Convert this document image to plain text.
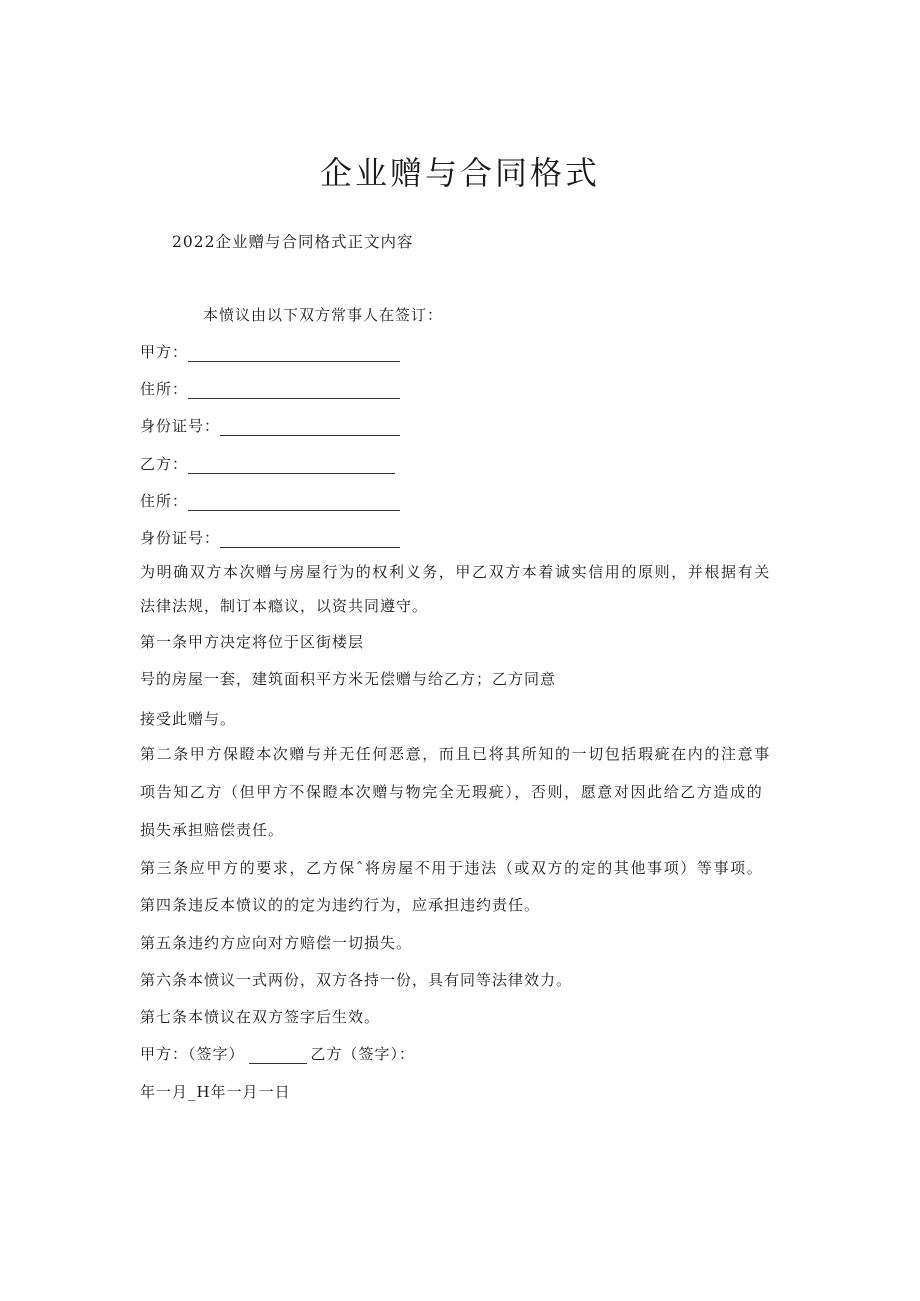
企业赠与合同格式
2022企业赠与合同格式正文内容
本愤议由以下双方常事人在签订：
甲方：
住所：
身份证号：
乙方：
住所：
身份证号：
为明确双方本次赠与房屋行为的权利义务，甲乙双方本着诚实信用的原则，并根据有关
法律法规，制订本瘾议，以资共同遵守。
第一条甲方决定将位于区街楼层
号的房屋一套，建筑面积平方米无偿赠与给乙方；乙方同意
接受此赠与。
第二条甲方保瞪本次赠与并无任何恶意，而且已将其所知的一切包括瑕疵在内的注意事
项告知乙方（但甲方不保瞪本次赠与物完全无瑕疵），否则，愿意对因此给乙方造成的
损失承担赔偿责任。
第三条应甲方的要求，乙方保ˆ将房屋不用于违法（或双方的定的其他事项）等事项。
第四条违反本愤议的的定为违约行为，应承担违约责任。
第五条违约方应向对方赔偿一切损失。
第六条本愤议一式两份，双方各持一份，具有同等法律效力。
第七条本愤议在双方签字后生效。
甲方：（签字）	乙方（签字）：
年一月_H年一月一日
